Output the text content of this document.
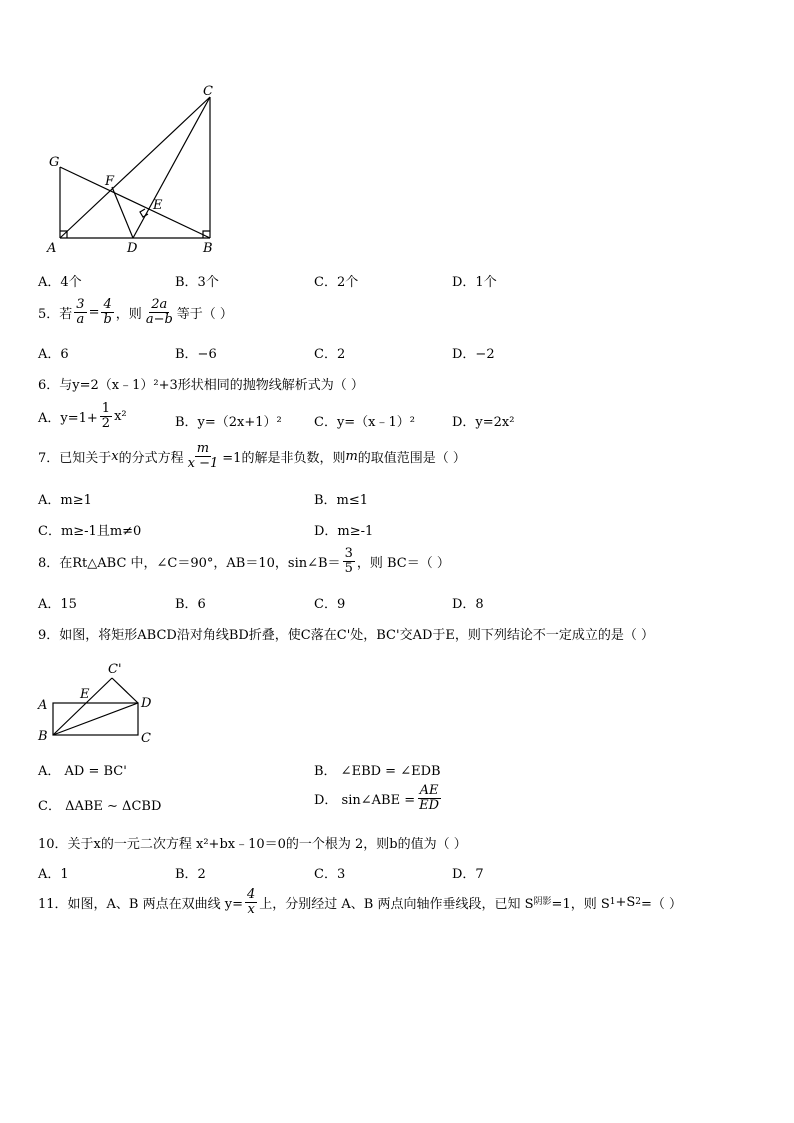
C
G
F
E
A	D	B
A．4个	B．3个	C．2个	D．1个
5．若 $\frac{3}{a} = \frac{4}{b}$ ，则 $\frac{2a}{a-b}$ 等于（ ）
A．6	B．−6	C．2	D．−2
6．与y=2（x﹣1）²+3形状相同的抛物线解析式为（ ）
A．$y=1+ \frac{1}{2} x^2$	B．y=（2x+1）² C．y=（x﹣1）²	D．y=2x²
7．已知关于 x 的分式方程 $\frac{m}{x -1} =1$的解是非负数，则 m 的取值范围是（ ）
A．m≥1	B．m≤1
C．m≥-1且m≠0	D．m≥-1
8．在Rt△ABC 中，∠C＝90°，AB＝10，sin∠B＝ $\frac{3}{5}$ ，则 BC＝（ ）
A．15	B．6	C．9	D．8
9．如图，将矩形ABCD沿对角线BD折叠，使C落在C'处，BC'交AD于E，则下列结论不一定成立的是（ ）
C'
E
A	D
B	C
A． AD = BC'	B． ∠EBD = ∠EDB
C． ΔABE ∼ ΔCBD	D． sin∠ABE = $\frac{AE}{ED}$
10．关于x的一元二次方程 x²+bx﹣10＝0的一个根为 2，则b的值为（ ）
A．1	B．2	C．3	D．7
11．如图，A、B 两点在双曲线 $y= \frac{4}{x}$ 上，分别经过 A、B 两点向轴作垂线段，已知 S 阴影 =1，则 S 1 +S 2 =（ ）
